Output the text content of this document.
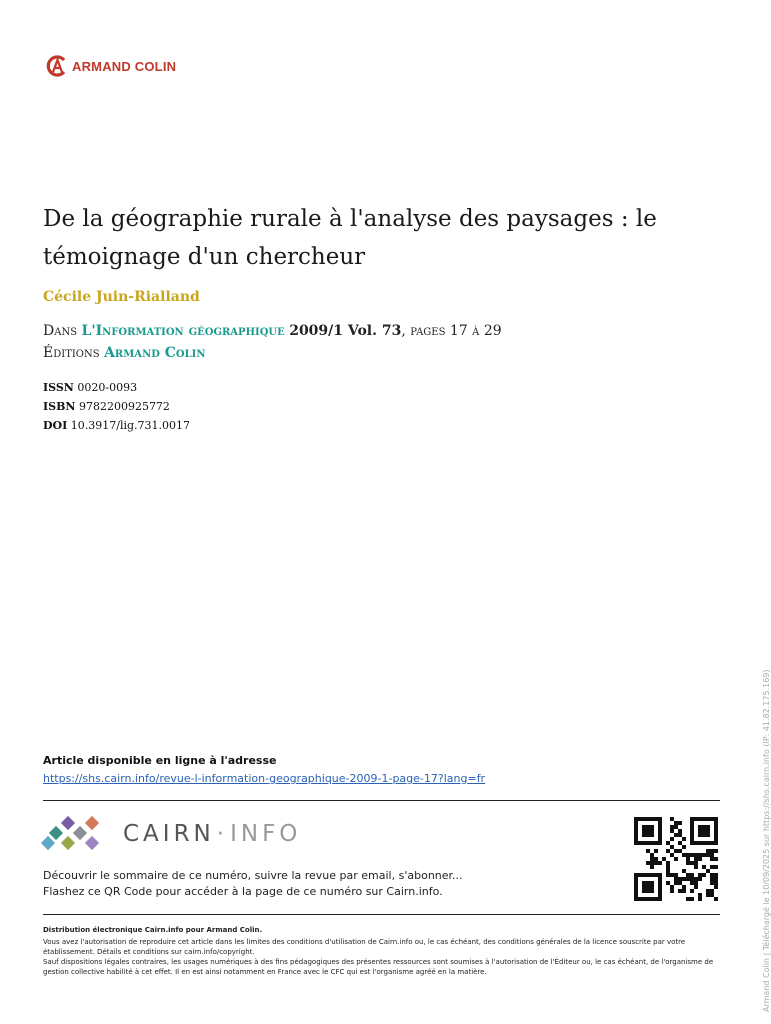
ARMAND COLIN
De la géographie rurale à l'analyse des paysages : le témoignage d'un chercheur
Cécile Juin-Rialland
Dans L'Information géographique 2009/1 Vol. 73, pages 17 à 29
Éditions Armand Colin
ISSN 0020-0093
ISBN 9782200925772
DOI 10.3917/lig.731.0017
Article disponible en ligne à l'adresse
https://shs.cairn.info/revue-l-information-geographique-2009-1-page-17?lang=fr
CAIRN·INFO
Découvrir le sommaire de ce numéro, suivre la revue par email, s'abonner...
Flashez ce QR Code pour accéder à la page de ce numéro sur Cairn.info.
Distribution électronique Cairn.info pour Armand Colin.
Vous avez l'autorisation de reproduire cet article dans les limites des conditions d'utilisation de Cairn.info ou, le cas échéant, des conditions générales de la licence souscrite par votre établissement. Détails et conditions sur cairn.info/copyright.
Sauf dispositions légales contraires, les usages numériques à des fins pédagogiques des présentes ressources sont soumises à l'autorisation de l'Éditeur ou, le cas échéant, de l'organisme de gestion collective habilité à cet effet. Il en est ainsi notamment en France avec le CFC qui est l'organisme agréé en la matière.	Armand Colin | Téléchargé le 10/09/2025 sur https://shs.cairn.info (IP: 41.82.175.169)
